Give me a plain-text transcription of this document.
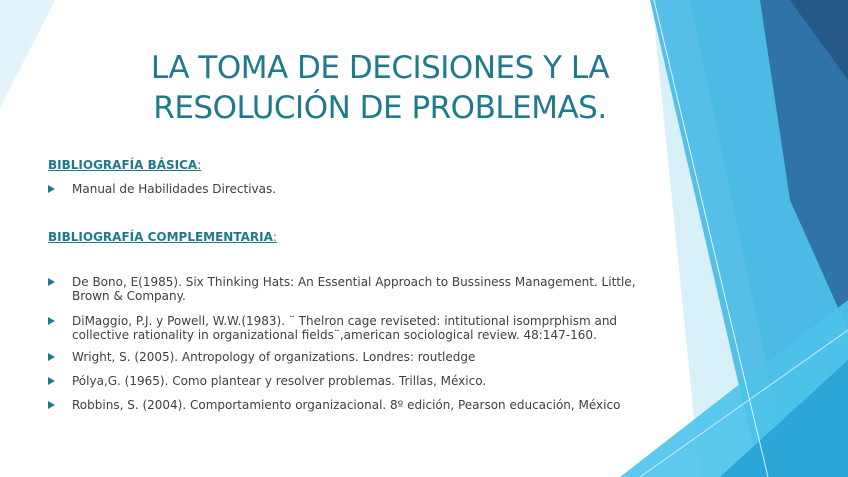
LA TOMA DE DECISIONES Y LA
RESOLUCIÓN DE PROBLEMAS.
BIBLIOGRAFÍA BÁSICA:
Manual de Habilidades Directivas.
BIBLIOGRAFÍA COMPLEMENTARIA:
De Bono, E(1985). Six Thinking Hats: An Essential Approach to Bussiness Management. Little,
Brown & Company.
DiMaggio, P.J. y Powell, W.W.(1983). ¨ Thelron cage reviseted: intitutional isomprphism and
collective rationality in organizational fields¨,american sociological review. 48:147-160.
Wright, S. (2005). Antropology of organizations. Londres: routledge
Pólya,G. (1965). Como plantear y resolver problemas. Trillas, México.
Robbins, S. (2004). Comportamiento organizacional. 8º edición, Pearson educación, México
